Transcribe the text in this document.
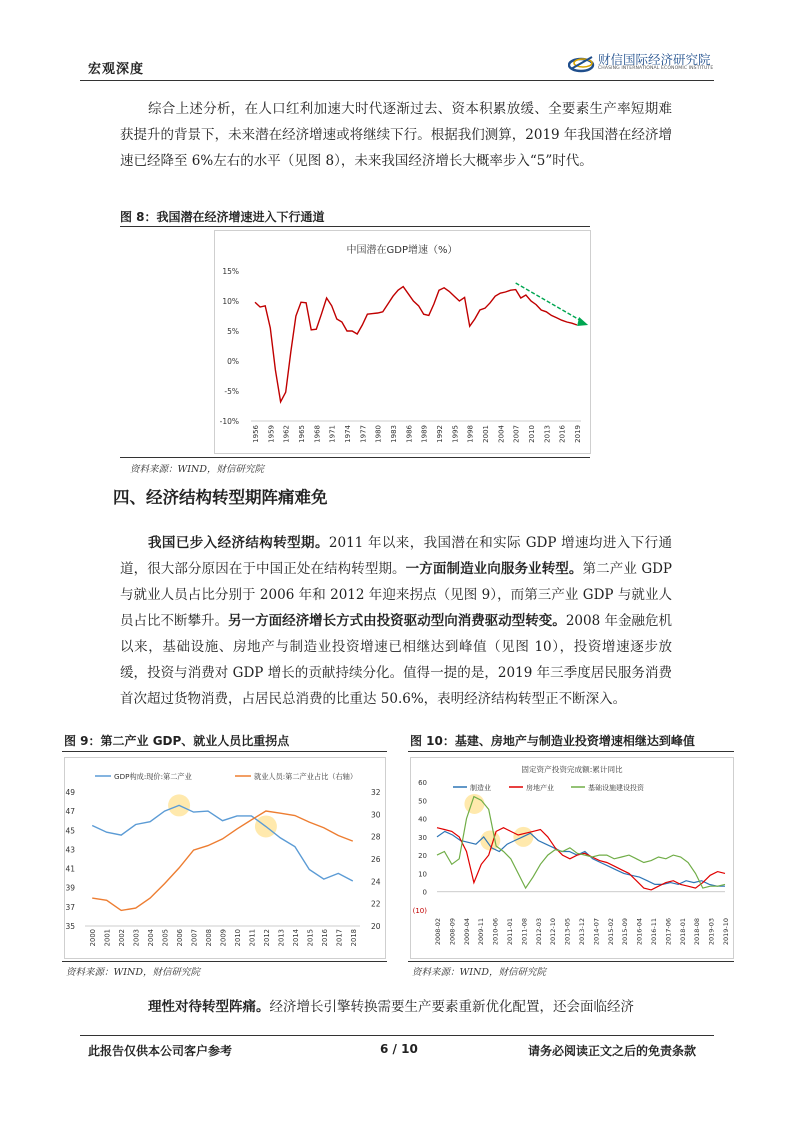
宏观深度
财信国际经济研究院
CHASING INTERNATIONAL ECONOMIC INSTITUTE

综合上述分析，在人口红利加速大时代逐渐过去、资本积累放缓、全要素生产率短期难获提升的背景下，未来潜在经济增速或将继续下行。根据我们测算，2019 年我国潜在经济增速已经降至 6%左右的水平（见图 8），未来我国经济增长大概率步入“5”时代。

图 8：我国潜在经济增速进入下行通道
中国潜在GDP增速（%）
15%
10%
5%
0%
-5%
-10%
1956 1959 1962 1965 1968 1971 1974 1977 1980 1983 1986 1989 1992 1995 1998 2001 2004 2007 2010 2013 2016 2019
资料来源：WIND，财信研究院
四、经济结构转型期阵痛难免

我国已步入经济结构转型期。2011 年以来，我国潜在和实际 GDP 增速均进入下行通道，很大部分原因在于中国正处在结构转型期。一方面制造业向服务业转型。第二产业 GDP 与就业人员占比分别于 2006 年和 2012 年迎来拐点（见图 9），而第三产业 GDP 与就业人员占比不断攀升。另一方面经济增长方式由投资驱动型向消费驱动型转变。2008 年金融危机以来，基础设施、房地产与制造业投资增速已相继达到峰值（见图 10），投资增速逐步放缓，投资与消费对 GDP 增长的贡献持续分化。值得一提的是，2019 年三季度居民服务消费首次超过货物消费，占居民总消费的比重达 50.6%，表明经济结构转型正不断深入。

图 9：第二产业 GDP、就业人员比重拐点
GDP构成:现价:第二产业	就业人员:第二产业占比（右轴）
49
47
45
43
41
39
37
35
32
30
28
26
24
22
20
2000 2001 2002 2003 2004 2005 2006 2007 2008 2009 2010 2011 2012 2013 2014 2015 2016 2017 2018
资料来源：WIND，财信研究院
图 10：基建、房地产与制造业投资增速相继达到峰值
固定资产投资完成额:累计同比
制造业	房地产业	基础设施建设投资
60
50
40
30
20
10
0
(10)
2008-02 2008-09 2009-04 2009-11 2010-06 2011-01 2011-08 2012-03 2012-10 2013-05 2013-12 2014-07 2015-02 2015-09 2016-04 2016-11 2017-06 2018-01 2018-08 2019-03 2019-10
资料来源：WIND，财信研究院

理性对待转型阵痛。经济增长引擎转换需要生产要素重新优化配置，还会面临经济

此报告仅供本公司客户参考	6 / 10	请务必阅读正文之后的免责条款
